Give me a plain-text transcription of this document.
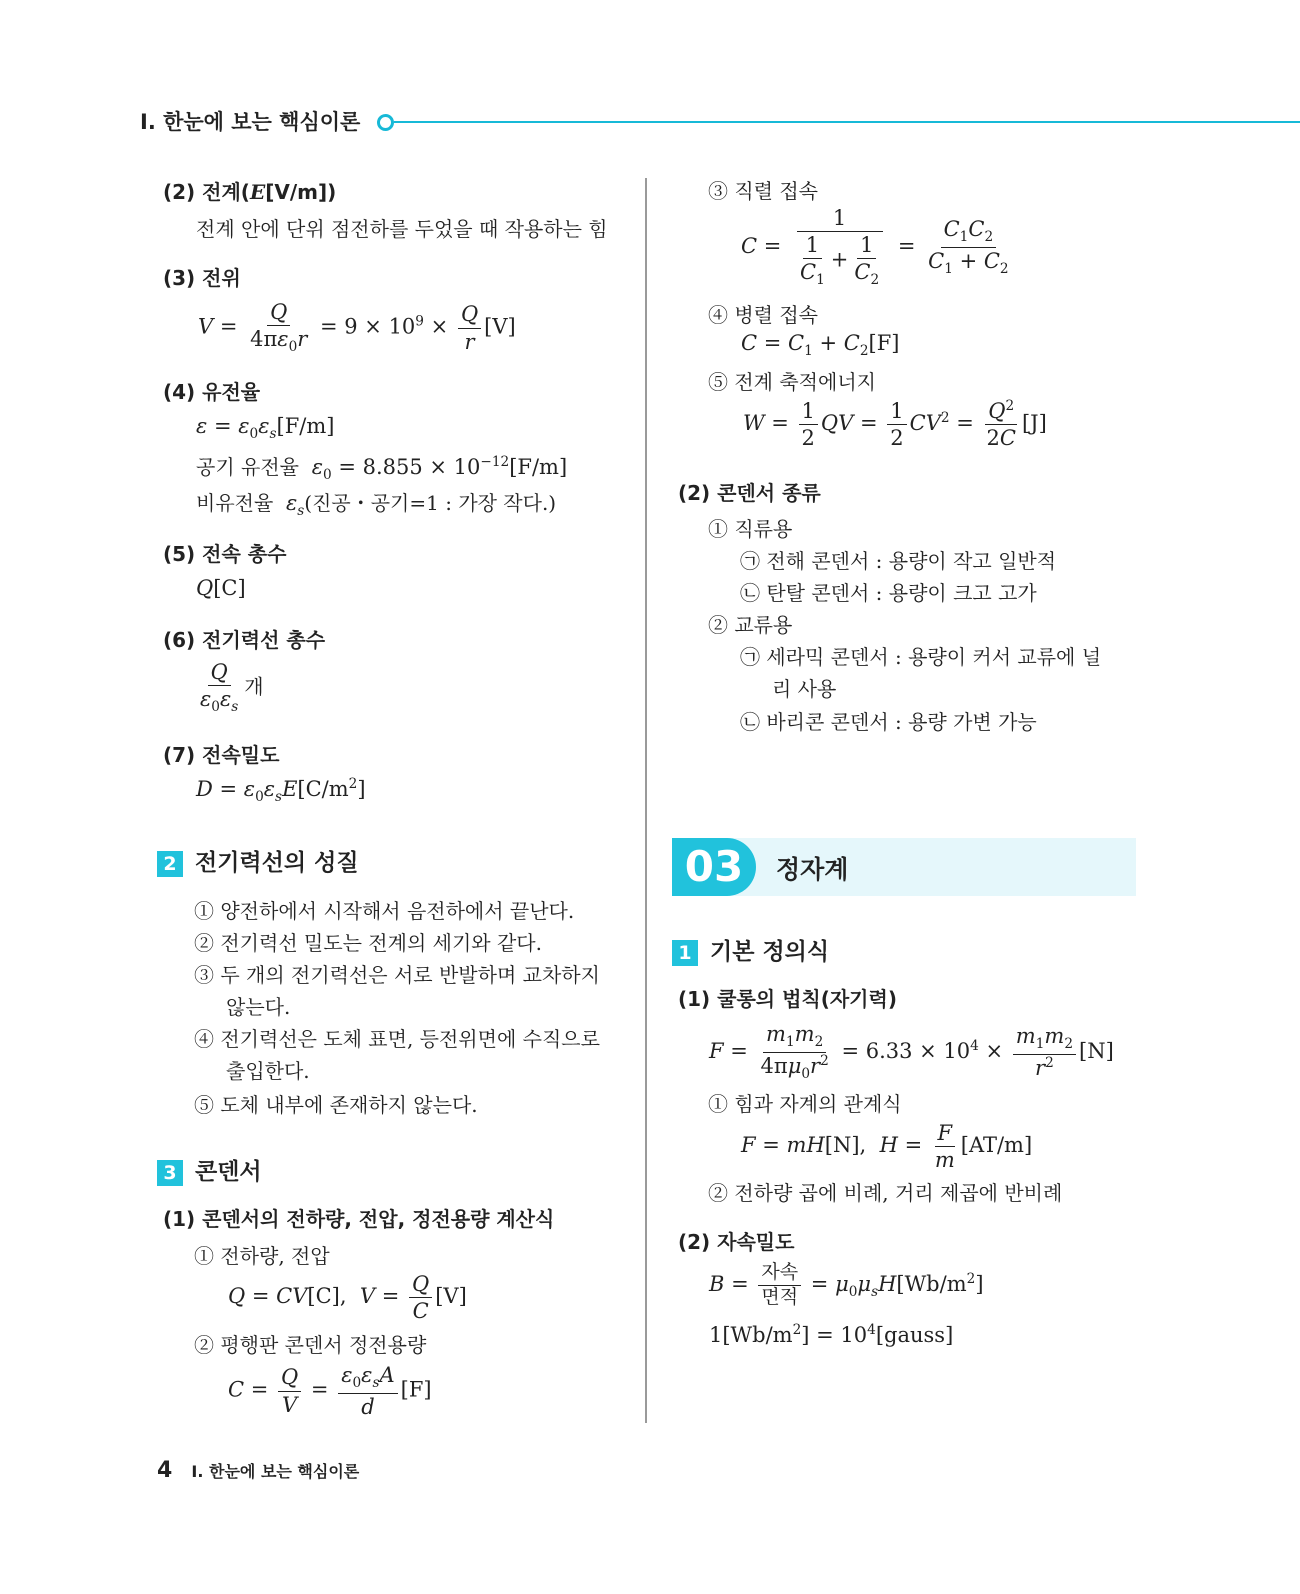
Ⅰ. 한눈에 보는 핵심이론
(2) 전계(E[V/m])
전계 안에 단위 점전하를 두었을 때 작용하는 힘
(3) 전위
$V = \frac{Q}{4\pi\varepsilon_0r} = 9 \times 10^9 \times \frac{Q}{r} [V]$
(4) 유전율
$\varepsilon = \varepsilon_0\varepsilon_s[F/m]$
공기 유전율 $\varepsilon_0 = 8.855 \times 10^{-12}[F/m]$
비유전율 $\varepsilon_s$(진공・공기=1 : 가장 작다.)
(5) 전속 총수
Q[C]
(6) 전기력선 총수
$\frac{Q}{\varepsilon_0\varepsilon_s}$ 개
(7) 전속밀도
$D = \varepsilon_0\varepsilon_sE[C/m^2]$
2 전기력선의 성질
① 양전하에서 시작해서 음전하에서 끝난다.
② 전기력선 밀도는 전계의 세기와 같다.
③ 두 개의 전기력선은 서로 반발하며 교차하지
않는다.
④ 전기력선은 도체 표면, 등전위면에 수직으로
출입한다.
⑤ 도체 내부에 존재하지 않는다.
3 콘덴서
(1) 콘덴서의 전하량, 전압, 정전용량 계산식
① 전하량, 전압
Q = CV[C],  $V = \frac{Q}{C} [V]$
② 평행판 콘덴서 정전용량
$C = \frac{Q}{V} = \frac{\varepsilon_0\varepsilon_sA}{d} [F]$
③ 직렬 접속
$C = \frac{1}{\frac{1}{C_1} + \frac{1}{C_2}} = \frac{C_1C_2}{C_1 + C_2}$
④ 병렬 접속
$C = C_1 + C_2[F]$
⑤ 전계 축적에너지
$W = \frac{1}{2}$ QV = $\frac{1}{2} CV^2 = \frac{Q^2}{2C} [J]$
(2) 콘덴서 종류
① 직류용
㉠ 전해 콘덴서 : 용량이 작고 일반적
㉡ 탄탈 콘덴서 : 용량이 크고 고가
② 교류용
㉠ 세라믹 콘덴서 : 용량이 커서 교류에 널
리 사용
㉡ 바리콘 콘덴서 : 용량 가변 가능
03	정자계
1 기본 정의식
(1) 쿨롱의 법칙(자기력)
$F = \frac{m_1m_2}{4\pi\mu_0r^2} = 6.33 \times 10^4 \times \frac{m_1m_2}{r^2} [N]$
① 힘과 자계의 관계식
F = mH[N],  $H = \frac{F}{m} [AT/m]$
② 전하량 곱에 비례, 거리 제곱에 반비례
(2) 자속밀도
$B = \frac{\text{자속}}{\text{면적}} = \mu_0\mu_sH[Wb/m^2]$
$1[Wb/m^2]$ = $10^4[gauss]$
4 Ⅰ. 한눈에 보는 핵심이론
